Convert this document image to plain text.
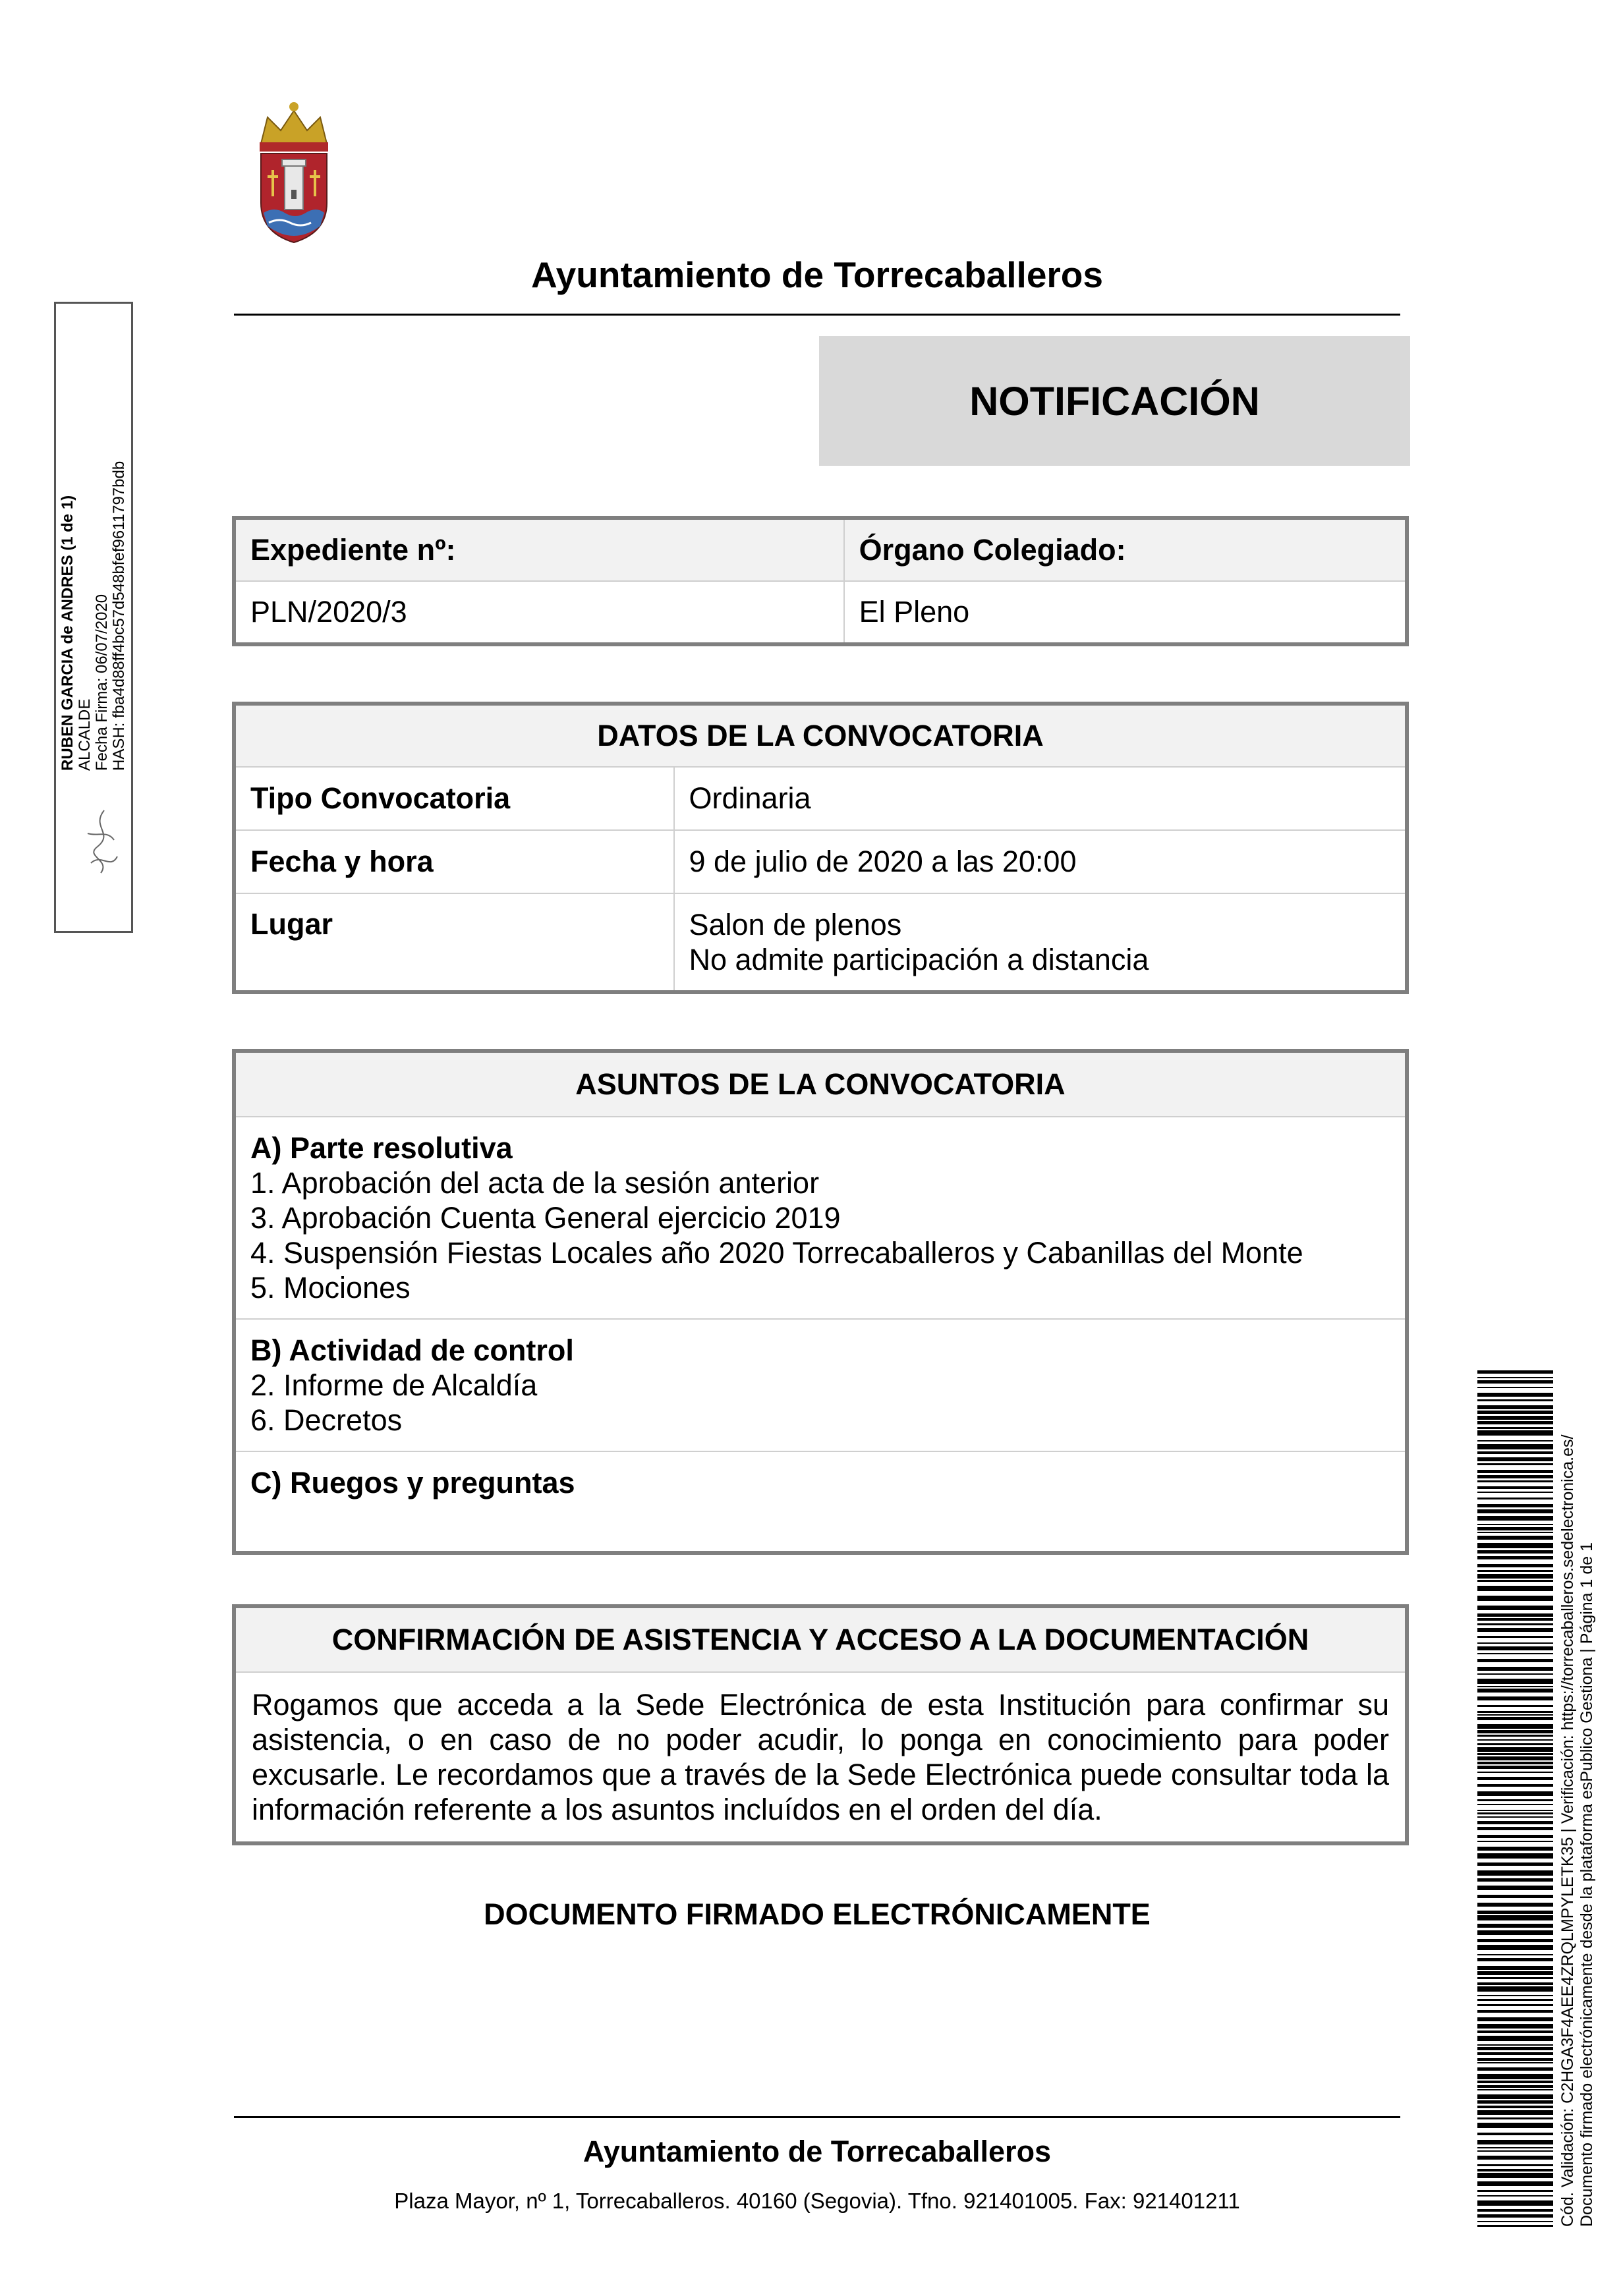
Ayuntamiento de Torrecaballeros
NOTIFICACIÓN
Expediente nº:	Órgano Colegiado:
PLN/2020/3	El Pleno
DATOS DE LA CONVOCATORIA	
Tipo Convocatoria	Ordinaria
Fecha y hora	9 de julio de 2020 a las 20:00
Lugar	Salon de plenos
No admite participación a distancia
ASUNTOS DE LA CONVOCATORIA

A) Parte resolutiva
1. Aprobación del acta de la sesión anterior
3. Aprobación Cuenta General ejercicio 2019
4. Suspensión Fiestas Locales año 2020 Torrecaballeros y Cabanillas del Monte
5. Mociones

B) Actividad de control
2. Informe de Alcaldía
6. Decretos

C) Ruegos y preguntas
CONFIRMACIÓN DE ASISTENCIA Y ACCESO A LA DOCUMENTACIÓN
Rogamos que acceda a la Sede Electrónica de esta Institución para confirmar su asistencia, o en caso de no poder acudir, lo ponga en conocimiento para poder excusarle. Le recordamos que a través de la Sede Electrónica puede consultar toda la información referente a los asuntos incluídos en el orden del día.
DOCUMENTO FIRMADO ELECTRÓNICAMENTE
Ayuntamiento de Torrecaballeros
Plaza Mayor, nº 1, Torrecaballeros. 40160 (Segovia). Tfno. 921401005. Fax: 921401211
RUBEN GARCIA de ANDRES (1 de 1) ALCALDE Fecha Firma: 06/07/2020 HASH: fba4d88ff4bc57d548bfef9611797bdb
Cód. Validación: C2HGA3F4AEE4ZRQLMPYLETK35 | Verificación: https://torrecaballeros.sedelectronica.es/ Documento firmado electrónicamente desde la plataforma esPublico Gestiona | Página 1 de 1
